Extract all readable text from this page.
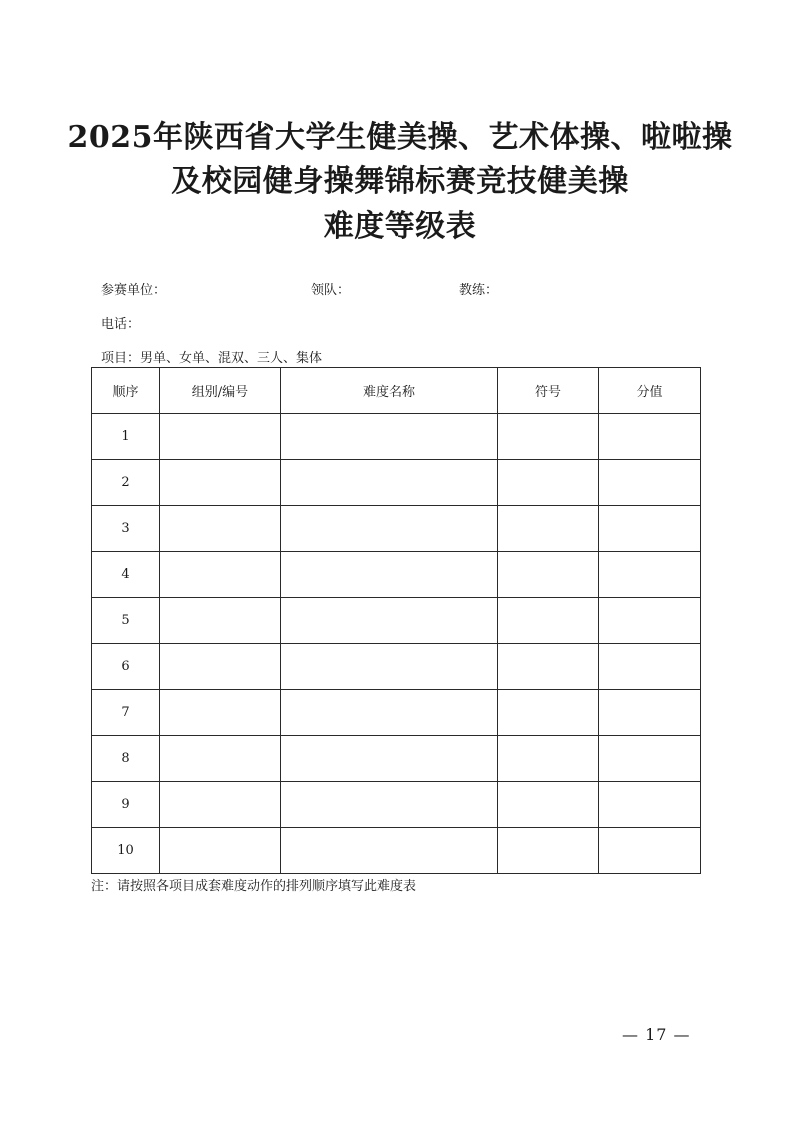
2025年陕西省大学生健美操、艺术体操、啦啦操
及校园健身操舞锦标赛竞技健美操
难度等级表
参赛单位：	领队：	教练：
电话：
项目：男单、女单、混双、三人、集体
顺序	组别/编号	难度名称	符号	分值
1				
2				
3				
4				
5				
6				
7				
8				
9				
10				
注：请按照各项目成套难度动作的排列顺序填写此难度表
— 17 —
